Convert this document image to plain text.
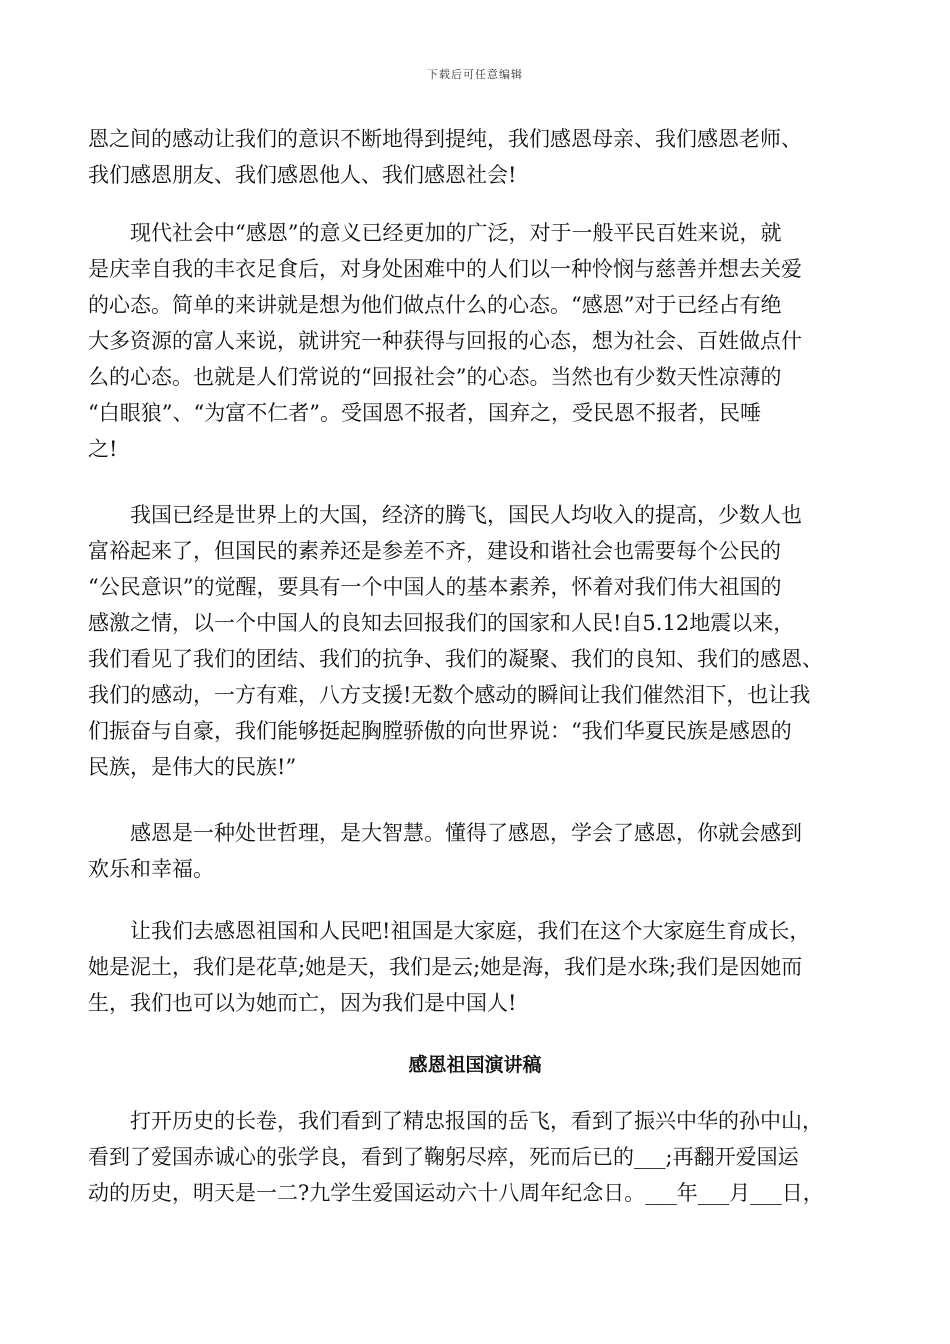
下载后可任意编辑
恩之间的感动让我们的意识不断地得到提纯，我们感恩母亲、我们感恩老师、
我们感恩朋友、我们感恩他人、我们感恩社会!
　　现代社会中“感恩”的意义已经更加的广泛，对于一般平民百姓来说，就
是庆幸自我的丰衣足食后，对身处困难中的人们以一种怜悯与慈善并想去关爱
的心态。简单的来讲就是想为他们做点什么的心态。“感恩”对于已经占有绝
大多资源的富人来说，就讲究一种获得与回报的心态，想为社会、百姓做点什
么的心态。也就是人们常说的“回报社会”的心态。当然也有少数天性凉薄的
“白眼狼”、“为富不仁者”。受国恩不报者，国弃之，受民恩不报者，民唾
之!
　　我国已经是世界上的大国，经济的腾飞，国民人均收入的提高，少数人也
富裕起来了，但国民的素养还是参差不齐，建设和谐社会也需要每个公民的
“公民意识”的觉醒，要具有一个中国人的基本素养，怀着对我们伟大祖国的
感激之情，以一个中国人的良知去回报我们的国家和人民!自5.12地震以来，
我们看见了我们的团结、我们的抗争、我们的凝聚、我们的良知、我们的感恩、
我们的感动，一方有难，八方支援!无数个感动的瞬间让我们催然泪下，也让我
们振奋与自豪，我们能够挺起胸膛骄傲的向世界说：“我们华夏民族是感恩的
民族，是伟大的民族!”
　　感恩是一种处世哲理，是大智慧。懂得了感恩，学会了感恩，你就会感到
欢乐和幸福。
　　让我们去感恩祖国和人民吧!祖国是大家庭，我们在这个大家庭生育成长，
她是泥土，我们是花草;她是天，我们是云;她是海，我们是水珠;我们是因她而
生，我们也可以为她而亡，因为我们是中国人!
感恩祖国演讲稿
　　打开历史的长卷，我们看到了精忠报国的岳飞，看到了振兴中华的孙中山，
看到了爱国赤诚心的张学良，看到了鞠躬尽瘁，死而后已的___;再翻开爱国运
动的历史，明天是一二?九学生爱国运动六十八周年纪念日。___年___月___日，
